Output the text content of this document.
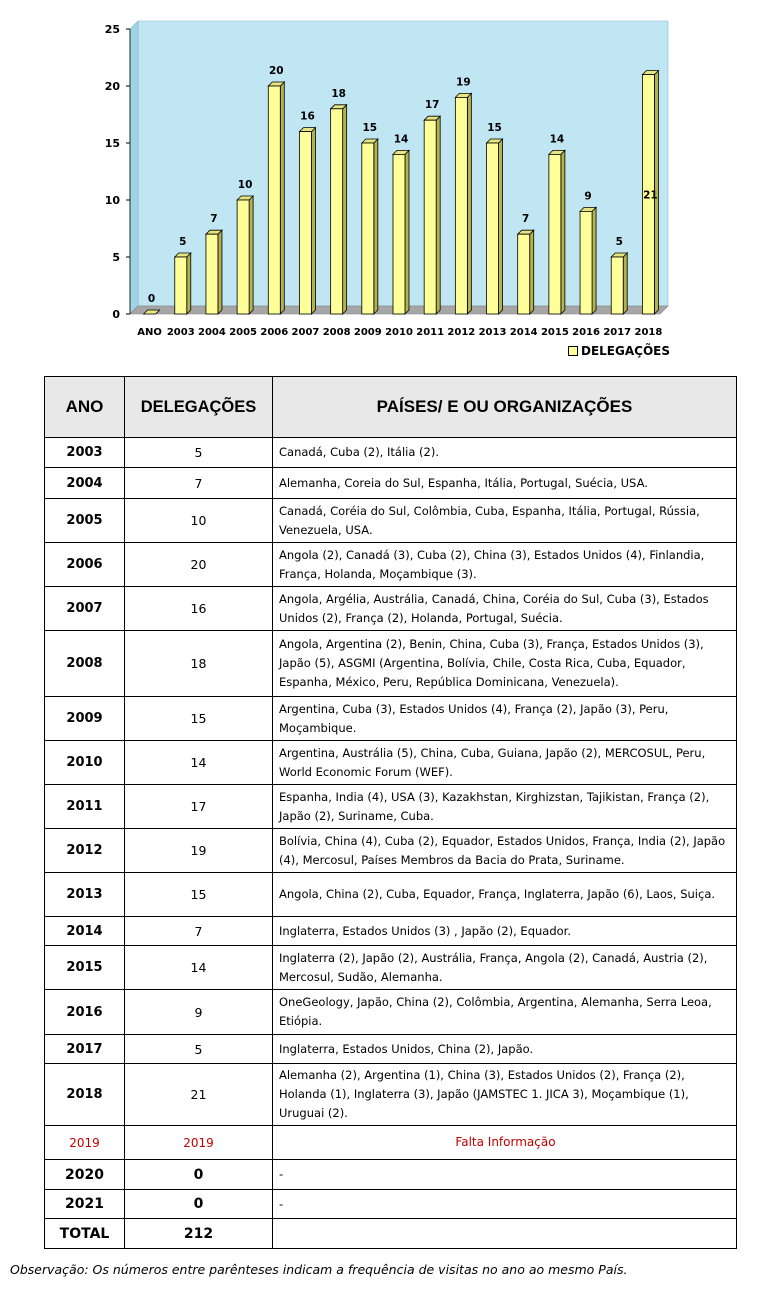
0
5
10
15
20
25
0
ANO
5
2003
7
2004
10
2005
20
2006
16
2007
18
2008
15
2009
14
2010
17
2011
19
2012
15
2013
7
2014
14
2015
9
2016
5
2017
21
2018
DELEGAÇÕES
ANO	DELEGAÇÕES	PAÍSES/ E OU ORGANIZAÇÕES
2003	5	Canadá, Cuba (2), Itália (2).
2004	7	Alemanha, Coreia do Sul, Espanha, Itália, Portugal, Suécia, USA.
2005	10	Canadá, Coréia do Sul, Colômbia, Cuba, Espanha, Itália, Portugal, Rússia, Venezuela, USA.
2006	20	Angola (2), Canadá (3), Cuba (2), China (3), Estados Unidos (4), Finlandia, França, Holanda, Moçambique (3).
2007	16	Angola, Argélia, Austrália, Canadá, China, Coréia do Sul, Cuba (3), Estados Unidos (2), França (2), Holanda, Portugal, Suécia.
2008	18	Angola, Argentina (2), Benin, China, Cuba (3), França, Estados Unidos (3), Japão (5), ASGMI (Argentina, Bolívia, Chile, Costa Rica, Cuba, Equador, Espanha, México, Peru, República Dominicana, Venezuela).
2009	15	Argentina, Cuba (3), Estados Unidos (4), França (2), Japão (3), Peru, Moçambique.
2010	14	Argentina, Austrália (5), China, Cuba, Guiana, Japão (2), MERCOSUL, Peru, World Economic Forum (WEF).
2011	17	Espanha, India (4), USA (3), Kazakhstan, Kirghizstan, Tajikistan, França (2), Japão (2), Suriname, Cuba.
2012	19	Bolívia, China (4), Cuba (2), Equador, Estados Unidos, França, India (2), Japão (4), Mercosul, Países Membros da Bacia do Prata, Suriname.
2013	15	Angola, China (2), Cuba, Equador, França, Inglaterra, Japão (6), Laos, Suiça.
2014	7	Inglaterra, Estados Unidos (3) , Japão (2), Equador.
2015	14	Inglaterra (2), Japão (2), Austrália, França, Angola (2), Canadá, Austria (2), Mercosul, Sudão, Alemanha.
2016	9	OneGeology, Japão, China (2), Colômbia, Argentina, Alemanha, Serra Leoa, Etiópia.
2017	5	Inglaterra, Estados Unidos, China (2), Japão.
2018	21	Alemanha (2), Argentina (1), China (3), Estados Unidos (2), França (2), Holanda (1), Inglaterra (3), Japão (JAMSTEC 1. JICA 3), Moçambique (1), Uruguai (2).
2019	2019	Falta Informação
2020	0	-
2021	0	-
TOTAL	212	
Observação: Os números entre parênteses indicam a frequência de visitas no ano ao mesmo País.
